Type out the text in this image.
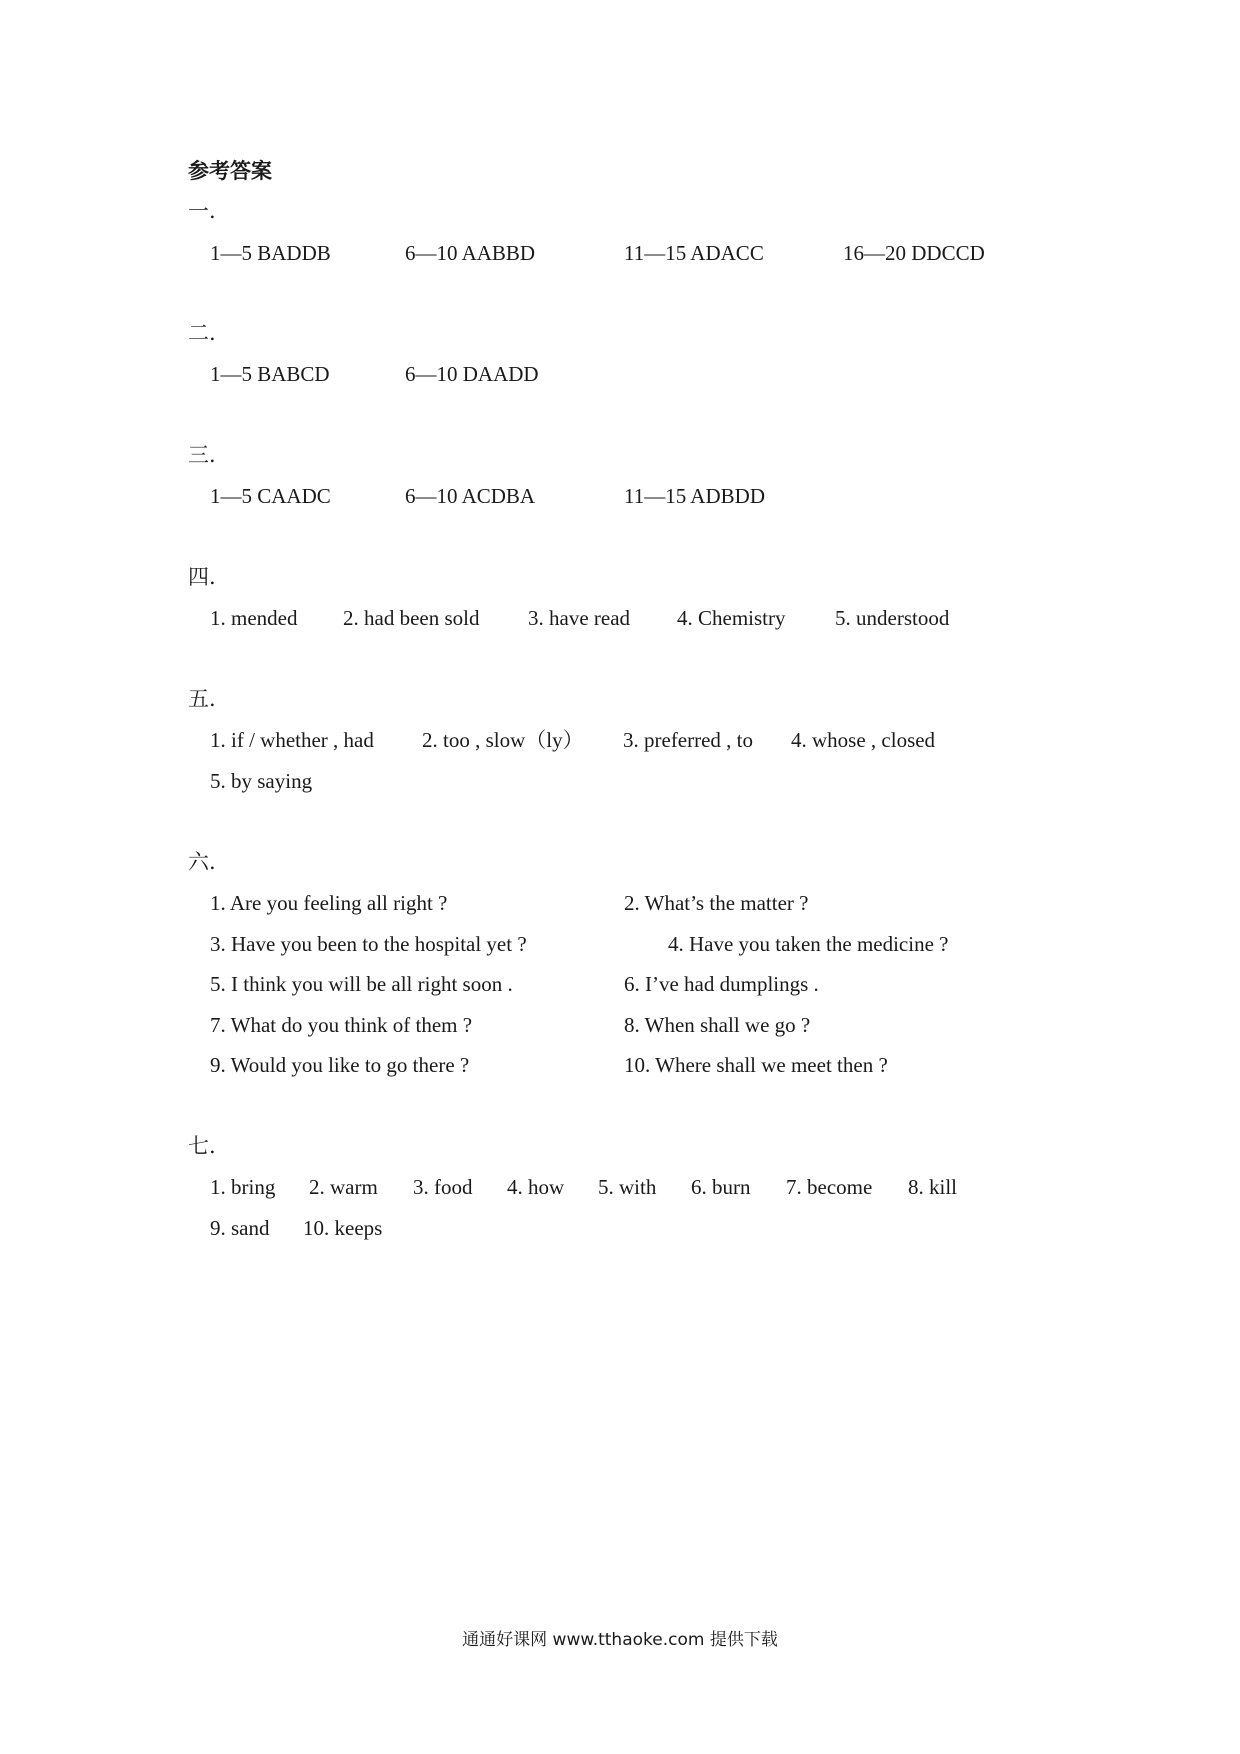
参考答案
一.
1—5 BADDB	6—10 AABBD	11—15 ADACC	16—20 DDCCD
二.
1—5 BABCD	6—10 DAADD
三.
1—5 CAADC	6—10 ACDBA	11—15 ADBDD
四.
1. mended 2. had been sold 3. have read 4. Chemistry 5. understood
五.
1. if / whether , had 2. too , slow（ly） 3. preferred , to 4. whose , closed
5. by saying
六.
1. Are you feeling all right ?	2. What’s the matter ?
3. Have you been to the hospital yet ?	4. Have you taken the medicine ?
5. I think you will be all right soon .	6. I’ve had dumplings .
7. What do you think of them ?	8. When shall we go ?
9. Would you like to go there ?	10. Where shall we meet then ?
七.
1. bring 2. warm 3. food 4. how 5. with 6. burn 7. become 8. kill
9. sand 10. keeps
通通好课网 www.tthaoke.com 提供下载
